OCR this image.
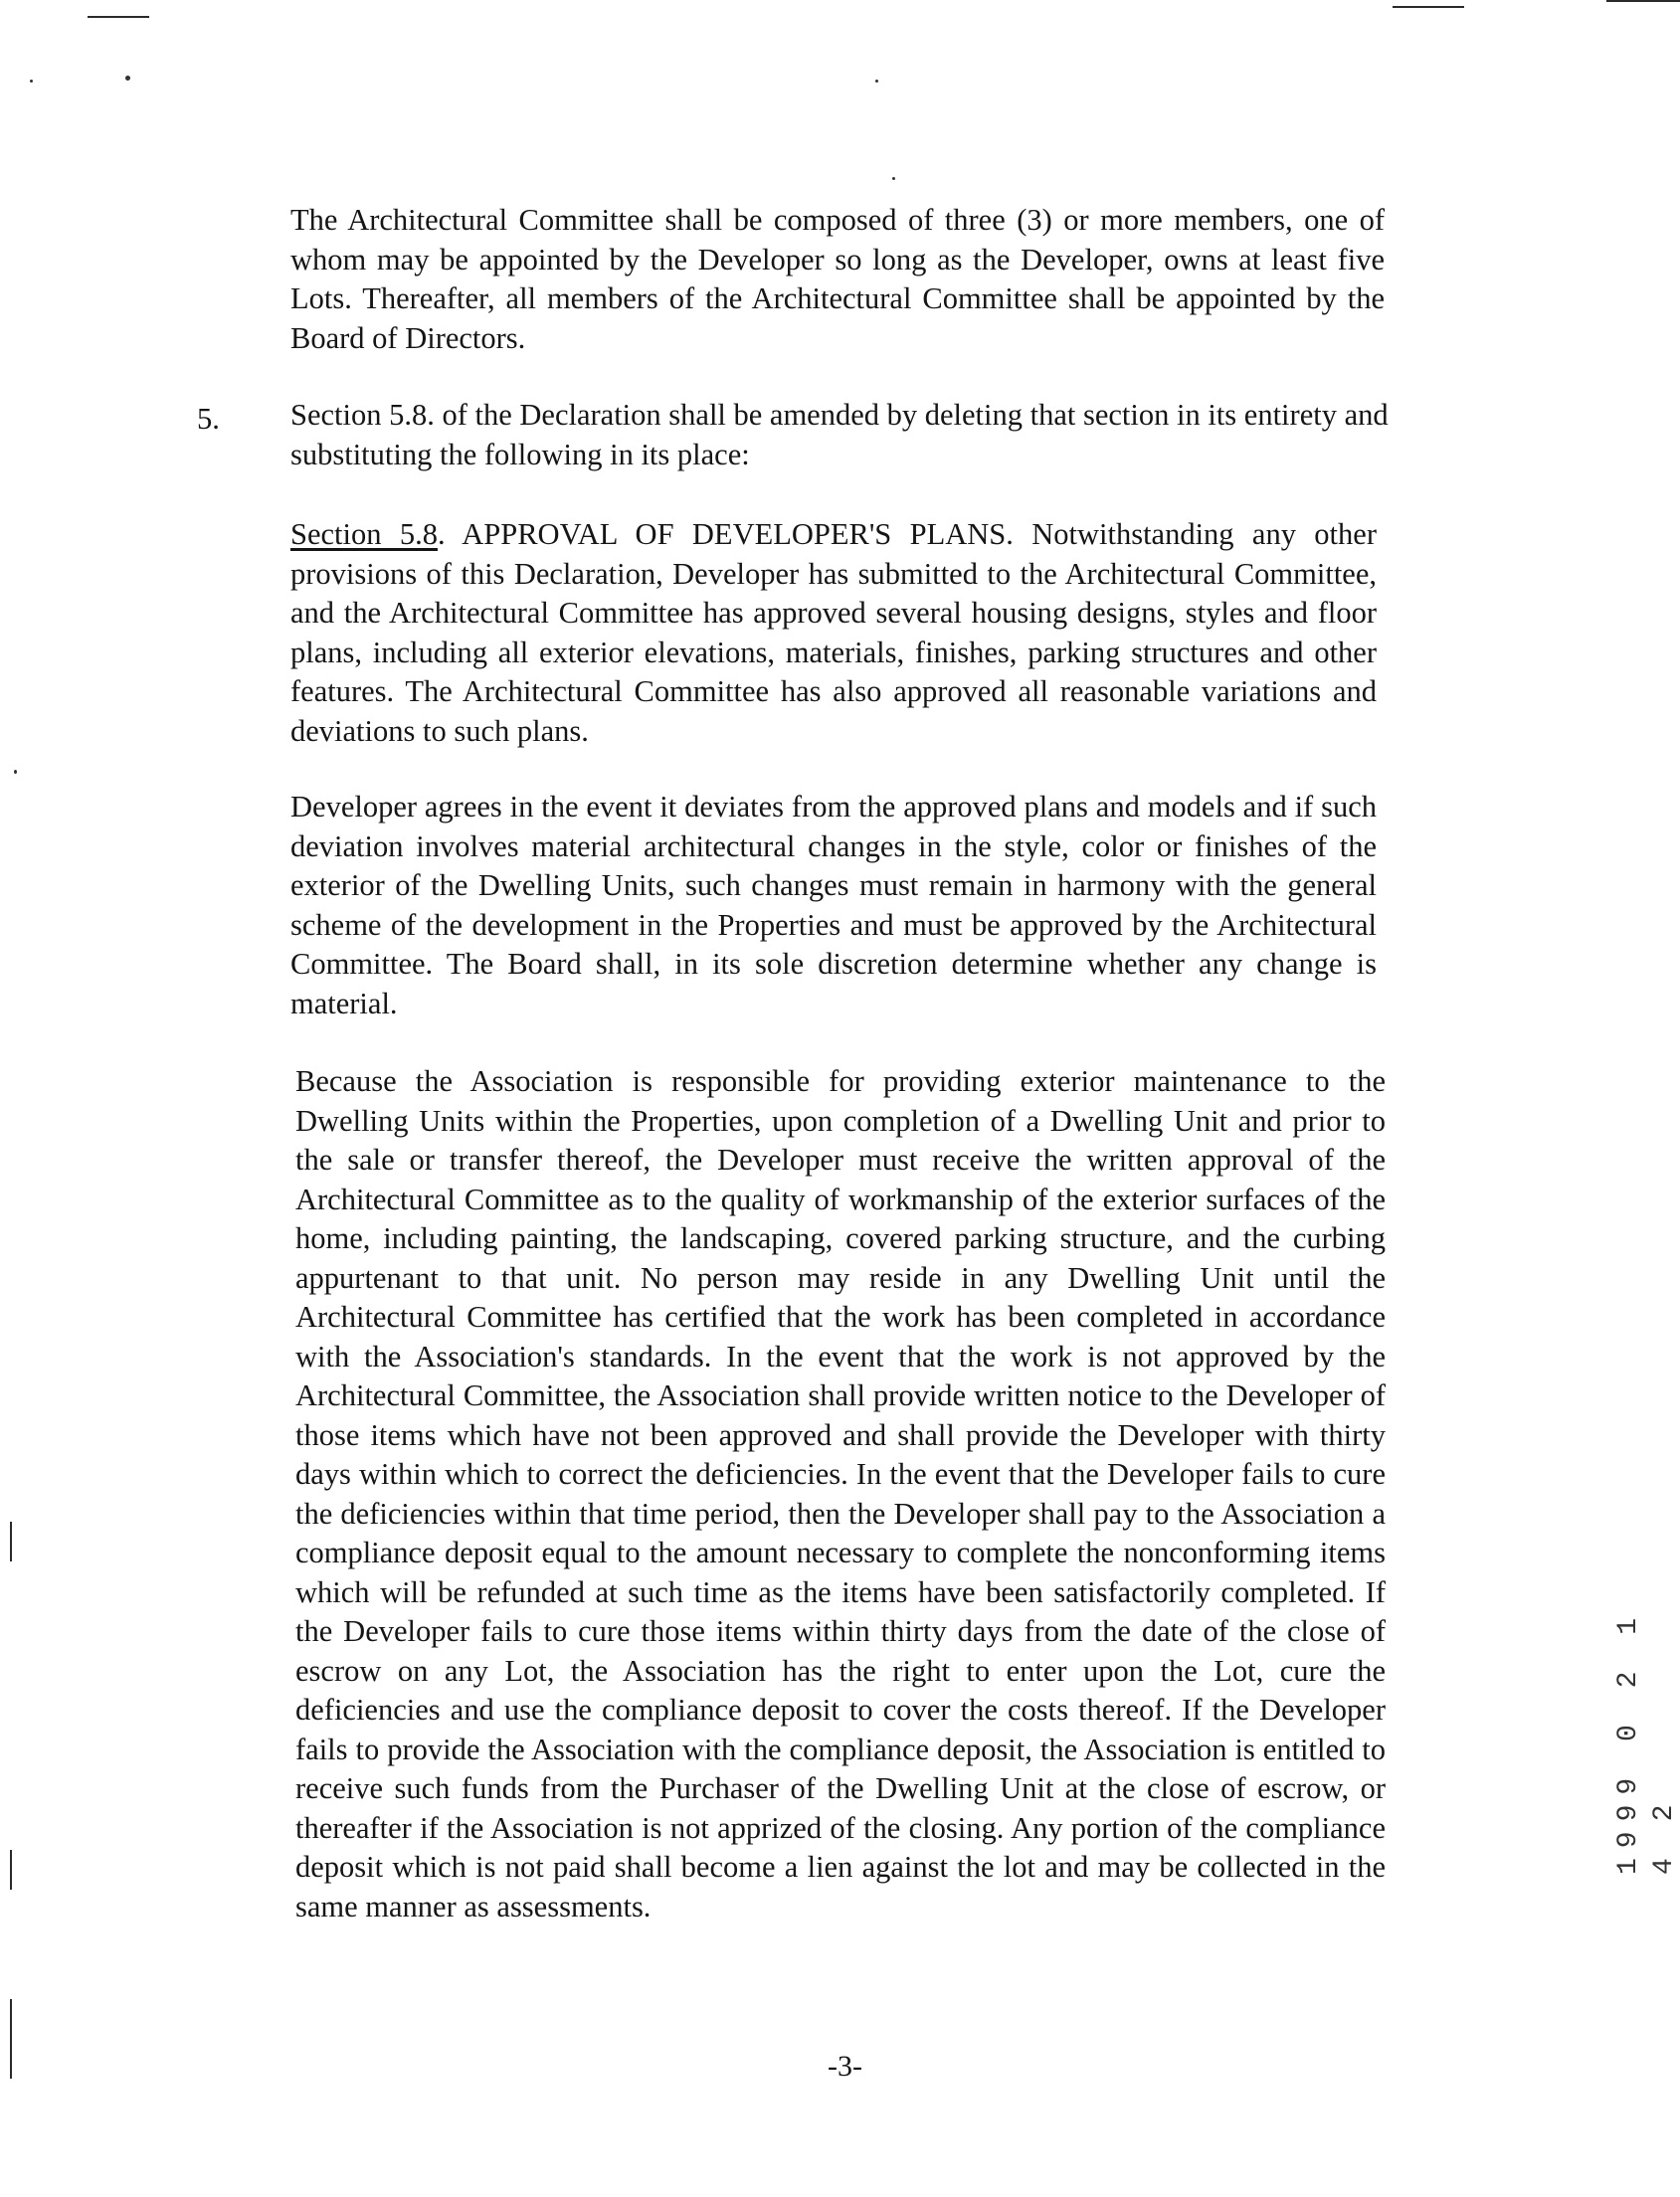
The Architectural Committee shall be composed of three (3) or more members, one of whom may be appointed by the Developer so long as the Developer, owns at least five Lots. Thereafter, all members of the Architectural Committee shall be appointed by the Board of Directors.

5. Section 5.8. of the Declaration shall be amended by deleting that section in its entirety and substituting the following in its place:

Section 5.8. APPROVAL OF DEVELOPER'S PLANS. Notwithstanding any other provisions of this Declaration, Developer has submitted to the Architectural Committee, and the Architectural Committee has approved several housing designs, styles and floor plans, including all exterior elevations, materials, finishes, parking structures and other features. The Architectural Committee has also approved all reasonable variations and deviations to such plans.

Developer agrees in the event it deviates from the approved plans and models and if such deviation involves material architectural changes in the style, color or finishes of the exterior of the Dwelling Units, such changes must remain in harmony with the general scheme of the development in the Properties and must be approved by the Architectural Committee. The Board shall, in its sole discretion determine whether any change is material.

Because the Association is responsible for providing exterior maintenance to the Dwelling Units within the Properties, upon completion of a Dwelling Unit and prior to the sale or transfer thereof, the Developer must receive the written approval of the Architectural Committee as to the quality of workmanship of the exterior surfaces of the home, including painting, the landscaping, covered parking structure, and the curbing appurtenant to that unit. No person may reside in any Dwelling Unit until the Architectural Committee has certified that the work has been completed in accordance with the Association's standards. In the event that the work is not approved by the Architectural Committee, the Association shall provide written notice to the Developer of those items which have not been approved and shall provide the Developer with thirty days within which to correct the deficiencies. In the event that the Developer fails to cure the deficiencies within that time period, then the Developer shall pay to the Association a compliance deposit equal to the amount necessary to complete the nonconforming items which will be refunded at such time as the items have been satisfactorily completed. If the Developer fails to cure those items within thirty days from the date of the close of escrow on any Lot, the Association has the right to enter upon the Lot, cure the deficiencies and use the compliance deposit to cover the costs thereof. If the Developer fails to provide the Association with the compliance deposit, the Association is entitled to receive such funds from the Purchaser of the Dwelling Unit at the close of escrow, or thereafter if the Association is not apprized of the closing. Any portion of the compliance deposit which is not paid shall become a lien against the lot and may be collected in the same manner as assessments.

-3-
1999 0 2 1 4 2
